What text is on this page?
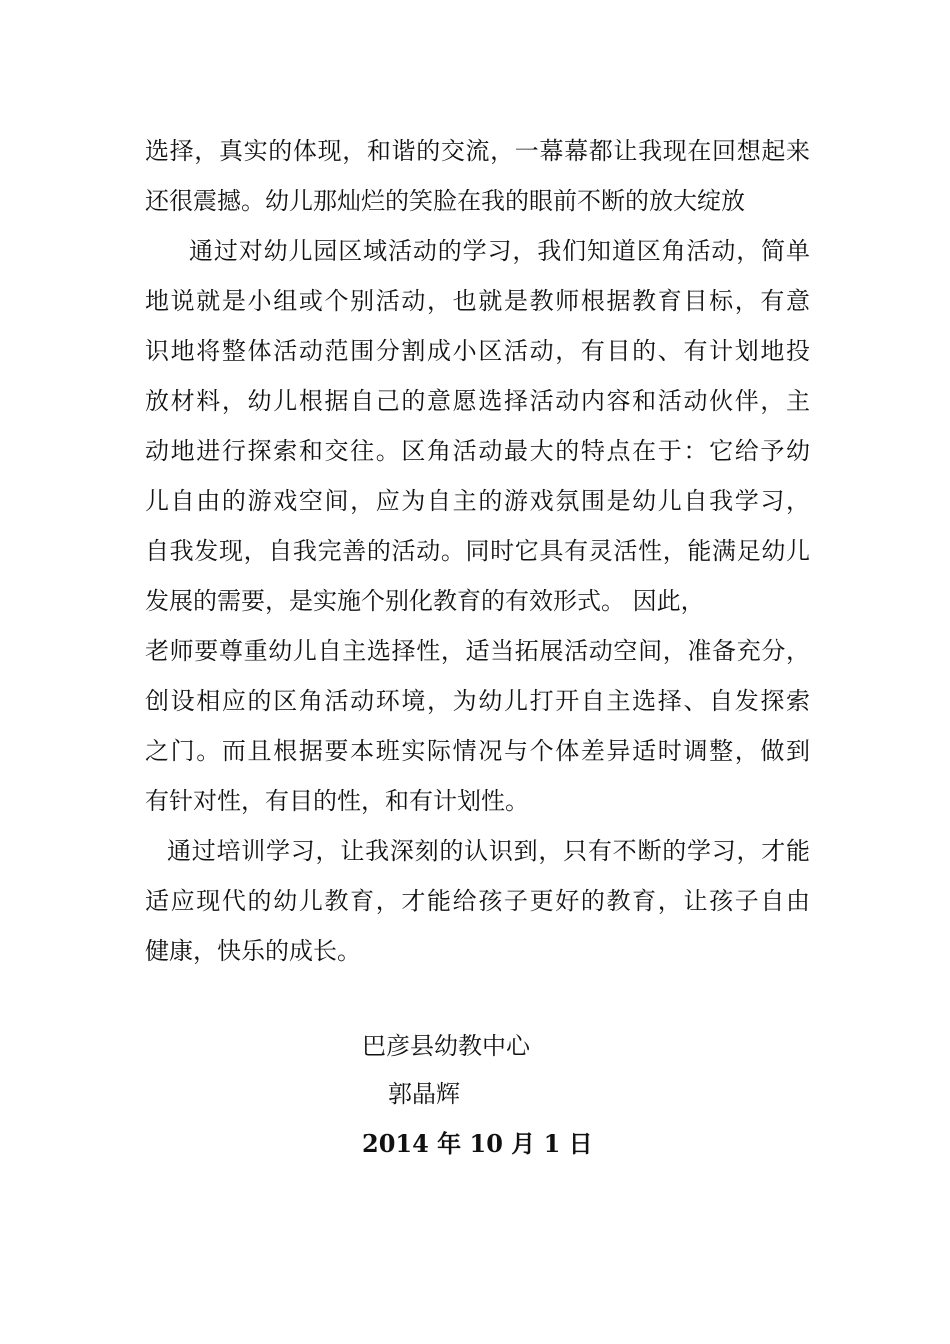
选择，真实的体现，和谐的交流，一幕幕都让我现在回想起来
还很震撼。幼儿那灿烂的笑脸在我的眼前不断的放大绽放
通过对幼儿园区域活动的学习，我们知道区角活动，简单
地说就是小组或个别活动，也就是教师根据教育目标，有意
识地将整体活动范围分割成小区活动，有目的、有计划地投
放材料，幼儿根据自己的意愿选择活动内容和活动伙伴，主
动地进行探索和交往。区角活动最大的特点在于：它给予幼
儿自由的游戏空间，应为自主的游戏氛围是幼儿自我学习，
自我发现，自我完善的活动。同时它具有灵活性，能满足幼儿
发展的需要，是实施个别化教育的有效形式。 因此，
老师要尊重幼儿自主选择性，适当拓展活动空间，准备充分，
创设相应的区角活动环境，为幼儿打开自主选择、自发探索
之门。而且根据要本班实际情况与个体差异适时调整，做到
有针对性，有目的性，和有计划性。
通过培训学习，让我深刻的认识到，只有不断的学习，才能
适应现代的幼儿教育，才能给孩子更好的教育，让孩子自由
健康，快乐的成长。
巴彦县幼教中心
郭晶辉
2014 年 10 月 1 日
